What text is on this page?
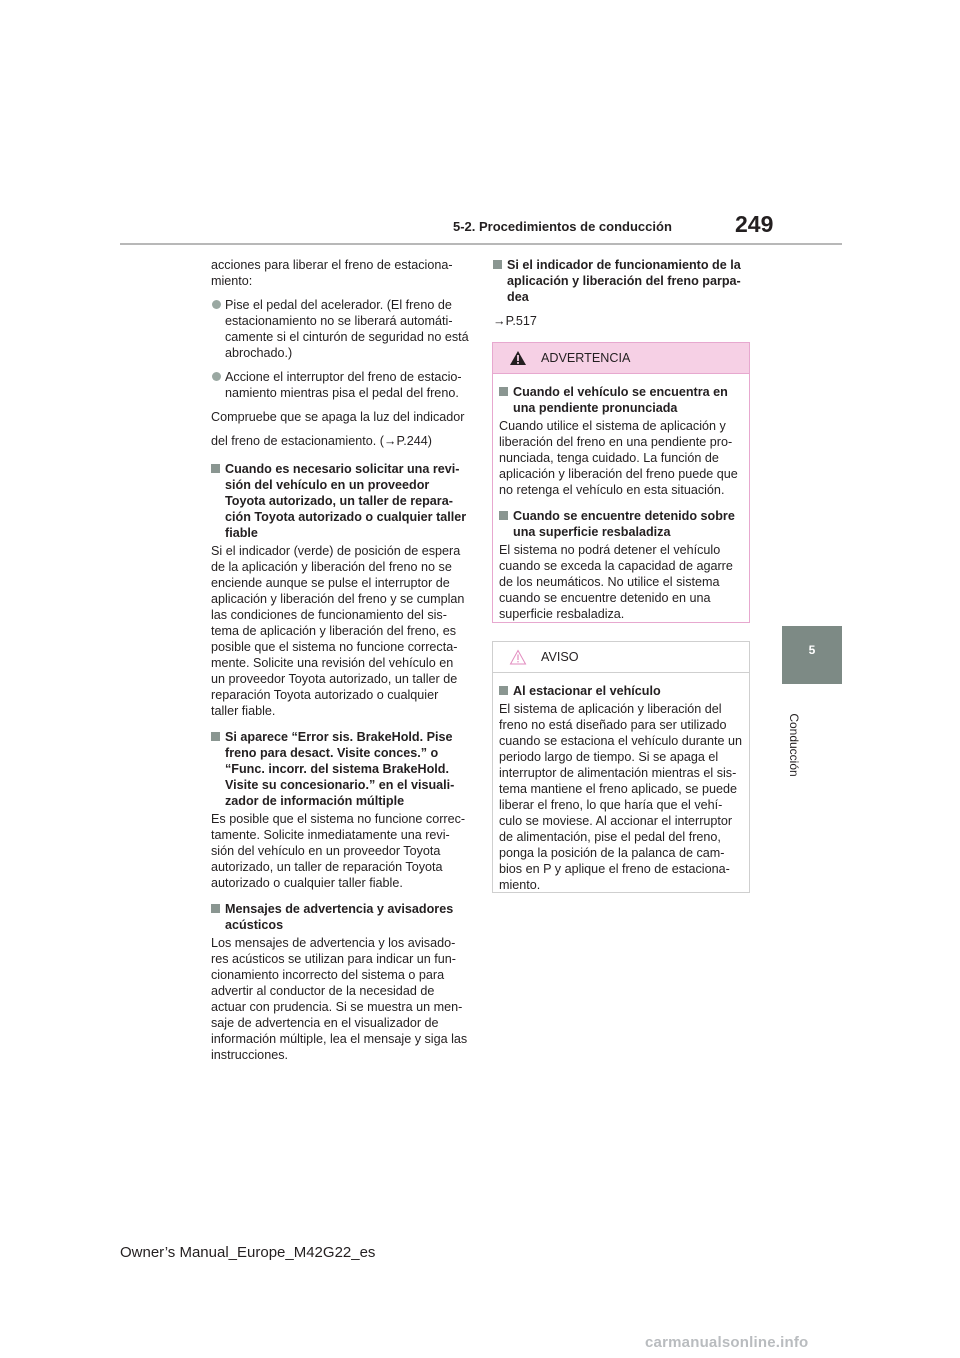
5-2. Procedimientos de conducción	249
5
Conducción

acciones para liberar el freno de estaciona-miento:

Pise el pedal del acelerador. (El freno de estacionamiento no se liberará automáti-camente si el cinturón de seguridad no está abrochado.)
Accione el interruptor del freno de estacio-namiento mientras pisa el pedal del freno.

Compruebe que se apaga la luz del indicador

del freno de estacionamiento. (→P.244)

Cuando es necesario solicitar una revi-sión del vehículo en un proveedor Toyota autorizado, un taller de repara-ción Toyota autorizado o cualquier taller fiable

Si el indicador (verde) de posición de espera de la aplicación y liberación del freno no se enciende aunque se pulse el interruptor de aplicación y liberación del freno y se cumplan las condiciones de funcionamiento del sis-tema de aplicación y liberación del freno, es posible que el sistema no funcione correcta-mente. Solicite una revisión del vehículo en un proveedor Toyota autorizado, un taller de reparación Toyota autorizado o cualquier taller fiable.

Si aparece “Error sis. BrakeHold. Pise freno para desact. Visite conces.” o “Func. incorr. del sistema BrakeHold. Visite su concesionario.” en el visuali-zador de información múltiple

Es posible que el sistema no funcione correc-tamente. Solicite inmediatamente una revi-sión del vehículo en un proveedor Toyota autorizado, un taller de reparación Toyota autorizado o cualquier taller fiable.

Mensajes de advertencia y avisadores acústicos

Los mensajes de advertencia y los avisado-res acústicos se utilizan para indicar un fun-cionamiento incorrecto del sistema o para advertir al conductor de la necesidad de actuar con prudencia. Si se muestra un men-saje de advertencia en el visualizador de información múltiple, lea el mensaje y siga las instrucciones.

Si el indicador de funcionamiento de la aplicación y liberación del freno parpa-dea

→P.517

ADVERTENCIA
Cuando el vehículo se encuentra en una pendiente pronunciada

Cuando utilice el sistema de aplicación y liberación del freno en una pendiente pro-nunciada, tenga cuidado. La función de aplicación y liberación del freno puede que no retenga el vehículo en esta situación.

Cuando se encuentre detenido sobre una superficie resbaladiza

El sistema no podrá detener el vehículo cuando se exceda la capacidad de agarre de los neumáticos. No utilice el sistema cuando se encuentre detenido en una superficie resbaladiza.

AVISO
Al estacionar el vehículo

El sistema de aplicación y liberación del freno no está diseñado para ser utilizado cuando se estaciona el vehículo durante un periodo largo de tiempo. Si se apaga el interruptor de alimentación mientras el sis-tema mantiene el freno aplicado, se puede liberar el freno, lo que haría que el vehí-culo se moviese. Al accionar el interruptor de alimentación, pise el pedal del freno, ponga la posición de la palanca de cam-bios en P y aplique el freno de estaciona-miento.

Owner’s Manual_Europe_M42G22_es
carmanualsonline.info
